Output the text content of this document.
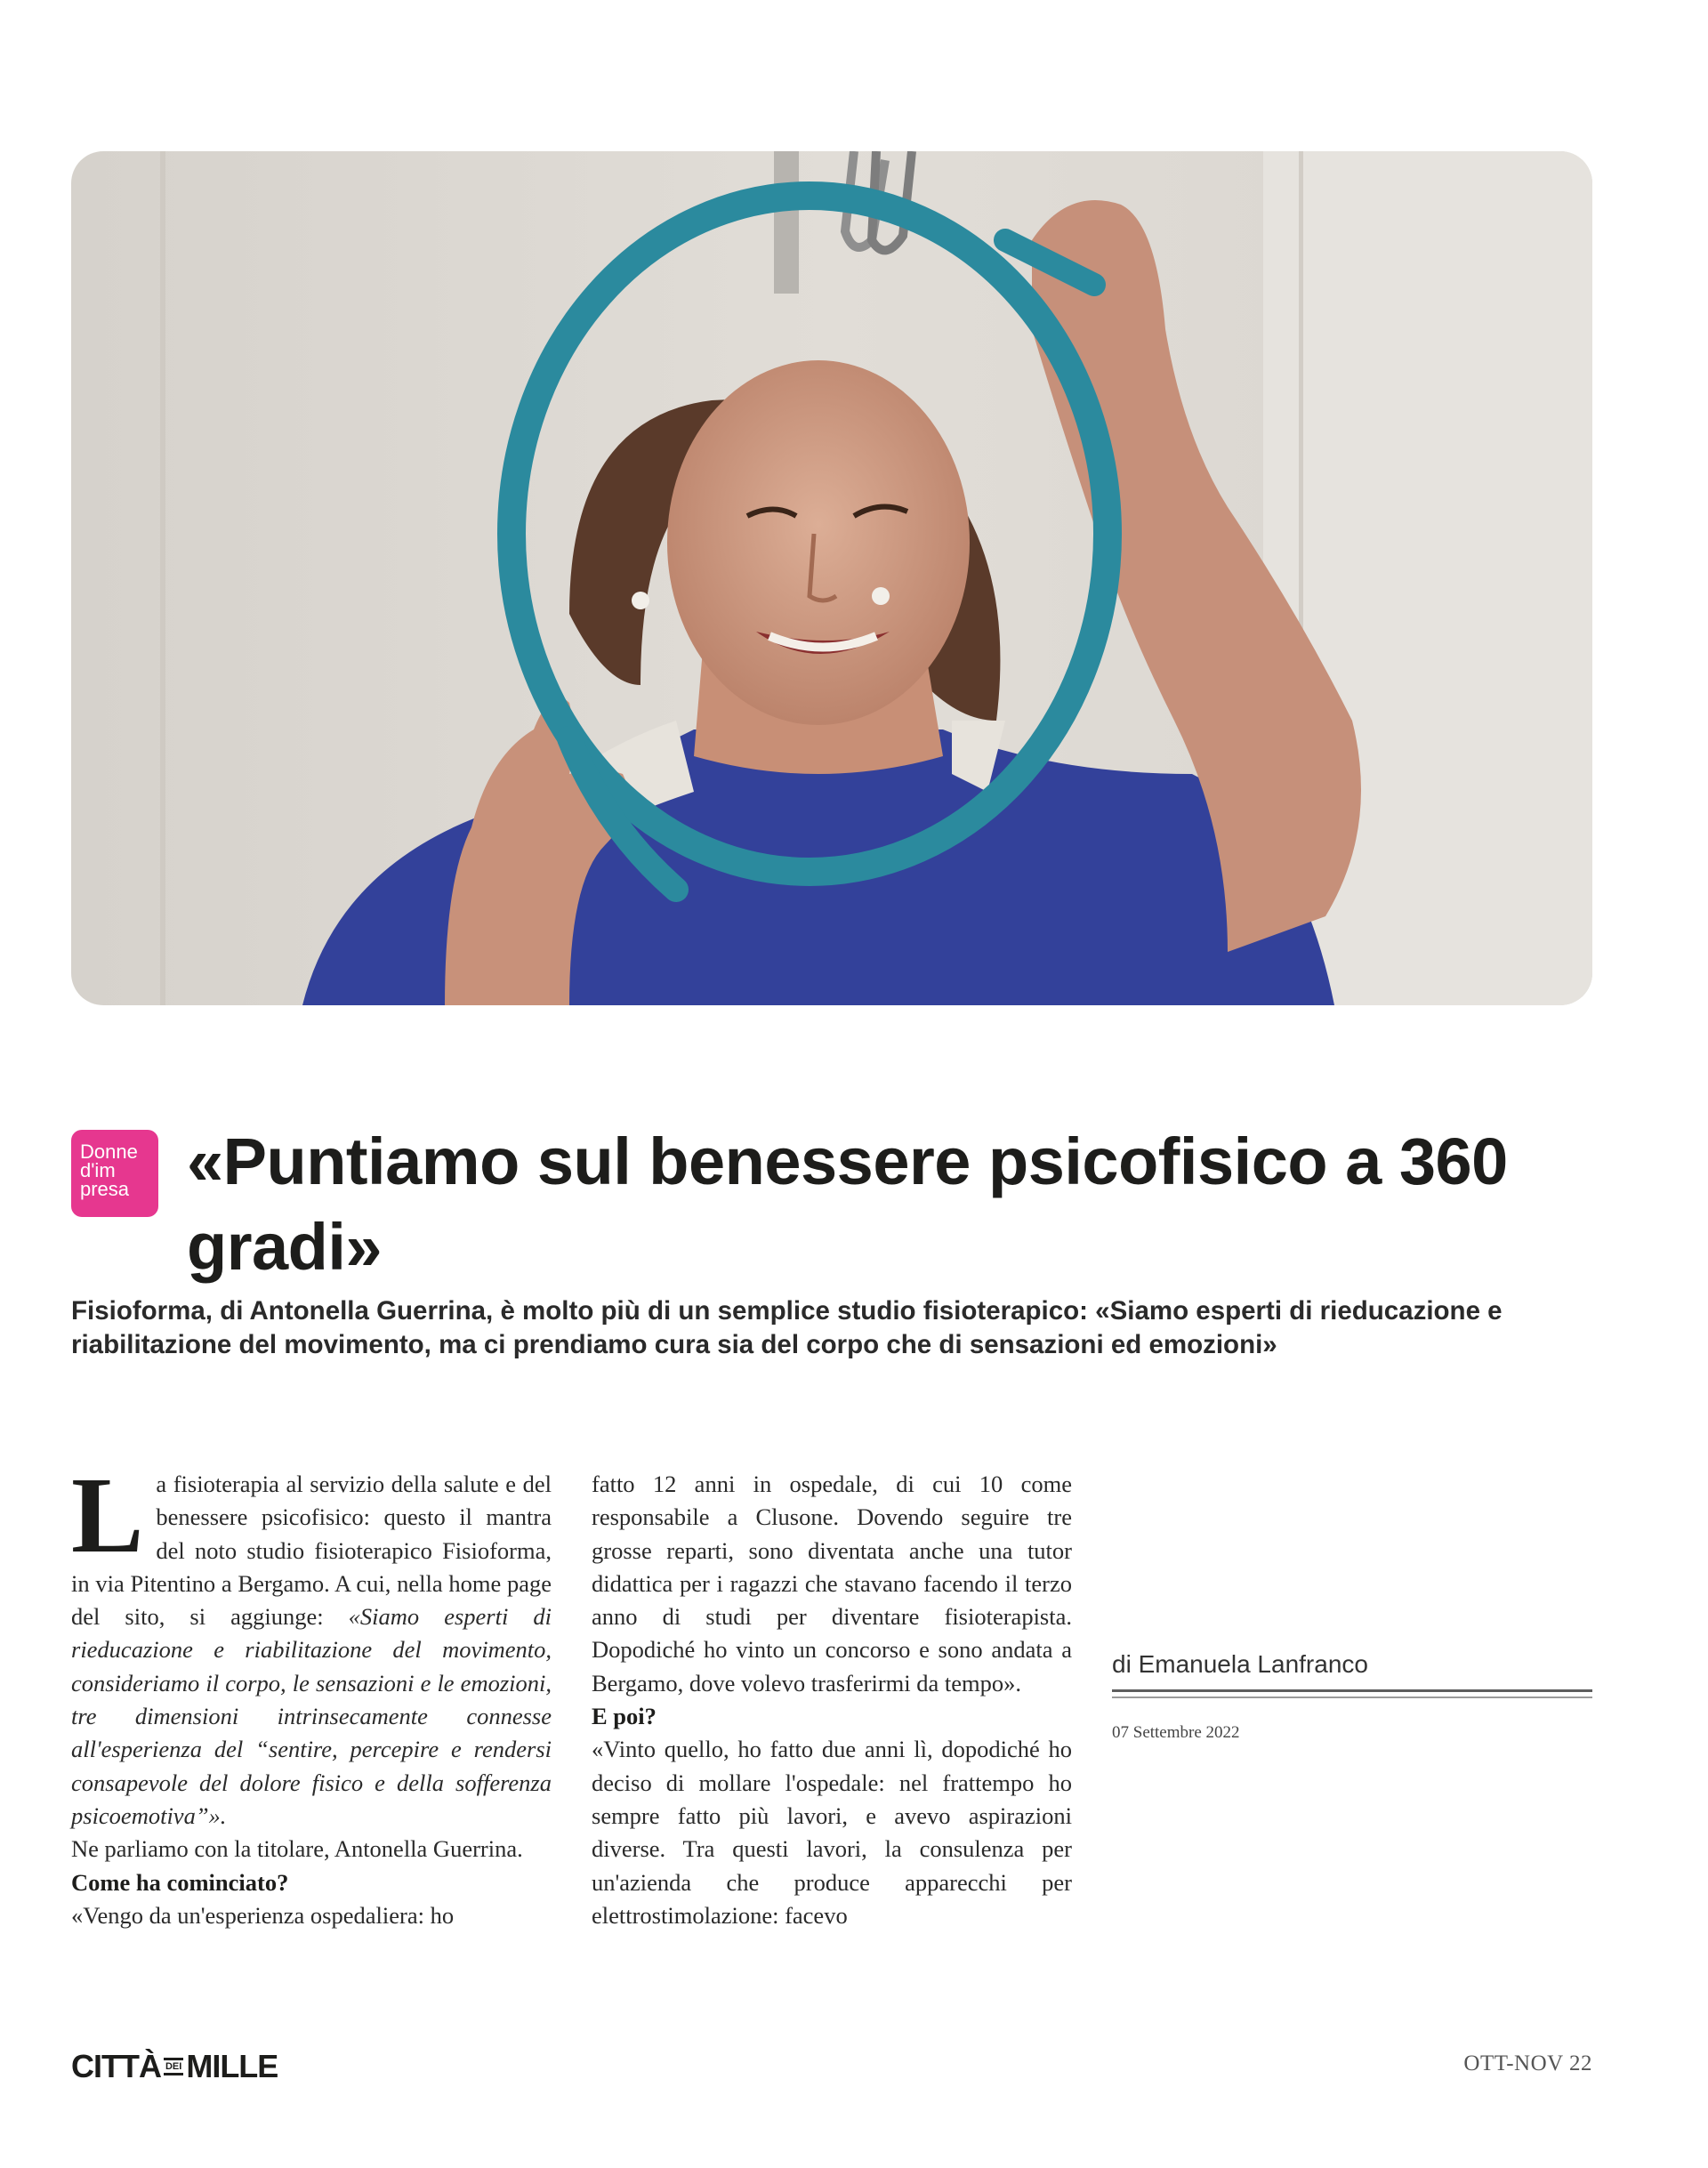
Donne
d'im
presa «Puntiamo sul benessere psicofisico a 360 gradi»

Fisioforma, di Antonella Guerrina, è molto più di un semplice studio fisioterapico: «Siamo esperti di rieducazione e riabilitazione del movimento, ma ci prendiamo cura sia del corpo che di sensazioni ed emozioni»

L a fisioterapia al servizio della salute e del benessere psicofisico: questo il mantra del noto studio fisioterapico Fisioforma, in via Pitentino a Bergamo. A cui, nella home page del sito, si aggiunge: «Siamo esperti di rieducazione e riabilitazione del movimento, consideriamo il corpo, le sensazioni e le emozioni, tre dimensioni intrinsecamente connesse all'esperienza del “sentire, percepire e rendersi consapevole del dolore fisico e della sofferenza psicoemotiva”».

Ne parliamo con la titolare, Antonella Guerrina.

Come ha cominciato?

«Vengo da un'esperienza ospedaliera: ho

fatto 12 anni in ospedale, di cui 10 come responsabile a Clusone. Dovendo seguire tre grosse reparti, sono diventata anche una tutor didattica per i ragazzi che stavano facendo il terzo anno di studi per diventare fisioterapista. Dopodiché ho vinto un concorso e sono andata a Bergamo, dove volevo trasferirmi da tempo».

E poi?

«Vinto quello, ho fatto due anni lì, dopodiché ho deciso di mollare l'ospedale: nel frattempo ho sempre fatto più lavori, e avevo aspirazioni diverse. Tra questi lavori, la consulenza per un'azienda che produce apparecchi per elettrostimolazione: facevo

di Emanuela Lanfranco
07 Settembre 2022
CITTÀ DEI MILLE	OTT-NOV 22
